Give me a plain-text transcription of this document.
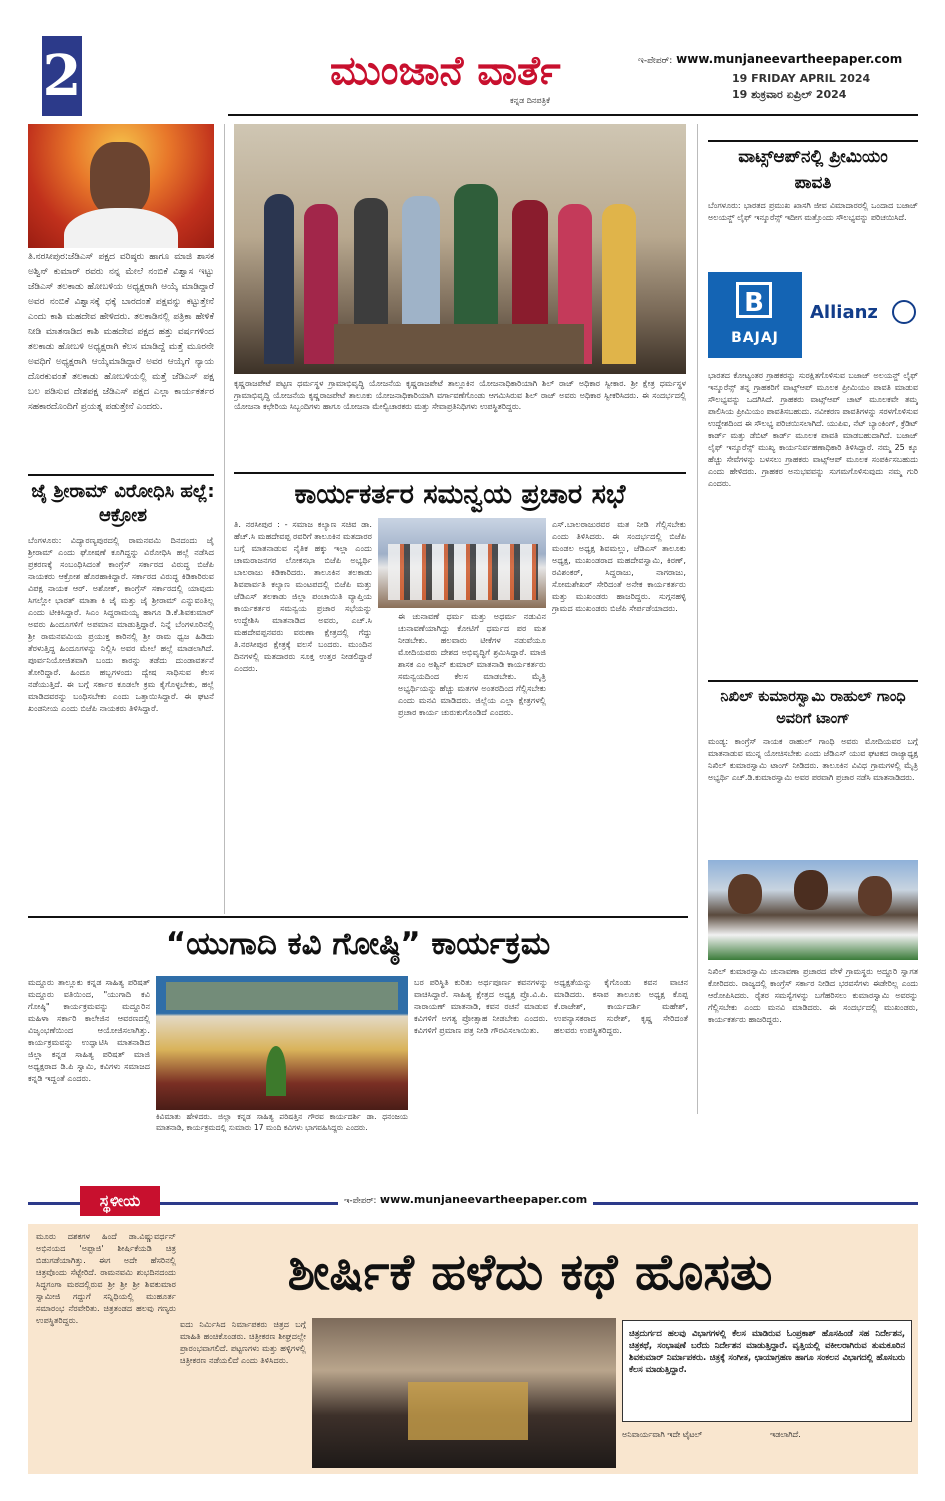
2	ಮುಂಜಾನೆ ವಾರ್ತೆ
ಕನ್ನಡ ದಿನಪತ್ರಿಕೆ
ಇ-ಪೇಪರ್: www.munjaneevartheepaper.com
19 FRIDAY APRIL 2024
19 ಶುಕ್ರವಾರ ಏಪ್ರಿಲ್ 2024
ತಿ.ನರಸೀಪುರ:ಜೆಡಿಎಸ್ ಪಕ್ಷದ ವರಿಷ್ಠರು ಹಾಗೂ ಮಾಜಿ ಶಾಸಕ ಅಶ್ವಿನ್ ಕುಮಾರ್ ರವರು ನನ್ನ ಮೇಲೆ ನಂಬಿಕೆ ವಿಶ್ವಾಸ ಇಟ್ಟು ಜೆಡಿಎಸ್ ತಲಕಾಡು ಹೋಬಳಿಯ ಅಧ್ಯಕ್ಷರಾಗಿ ಆಯ್ಕೆ ಮಾಡಿದ್ದಾರೆ ಅವರ ನಂಬಿಕೆ ವಿಶ್ವಾಸಕ್ಕೆ ಧಕ್ಕೆ ಬಾರದಂತೆ ಪಕ್ಷವನ್ನು ಕಟ್ಟುತ್ತೇನೆ ಎಂದು ಕಾಶಿ ಮಹದೇವ ಹೇಳಿದರು. ತಲಕಾಡಿನಲ್ಲಿ ಪತ್ರಿಕಾ ಹೇಳಿಕೆ ನೀಡಿ ಮಾತನಾಡಿದ ಕಾಶಿ ಮಹದೇವ ಪಕ್ಷದ ಹತ್ತು ವರ್ಷಗಳಿಂದ ತಲಕಾಡು ಹೋಬಳಿ ಅಧ್ಯಕ್ಷರಾಗಿ ಕೆಲಸ ಮಾಡಿದ್ದೆ ಮತ್ತೆ ಮೂರನೇ ಅವಧಿಗೆ ಅಧ್ಯಕ್ಷರಾಗಿ ಆಯ್ಕೆಮಾಡಿದ್ದಾರೆ ಅವರ ಆಯ್ಕೆಗೆ ನ್ಯಾಯ ದೊರಕುವಂತೆ ತಲಕಾಡು ಹೋಬಳಿಯಲ್ಲಿ ಮತ್ತೆ ಜೆಡಿಎಸ್ ಪಕ್ಷ ಬಲ ಪಡಿಸುವ ದೇಶಪಕ್ಷ ಜೆಡಿಎಸ್ ಪಕ್ಷದ ಎಲ್ಲಾ ಕಾರ್ಯಕರ್ತರ ಸಹಕಾರದೊಂದಿಗೆ ಪ್ರಯತ್ನ ಪಡುತ್ತೇನೆ ಎಂದರು.
ಜೈ ಶ್ರೀರಾಮ್ ವಿರೋಧಿಸಿ ಹಲ್ಲೆ: ಆಕ್ರೋಶ
ಬೆಂಗಳೂರು: ವಿದ್ಯಾರಣ್ಯಪುರದಲ್ಲಿ ರಾಮನವಮಿ ದಿನದಂದು ಜೈ ಶ್ರೀರಾಮ್ ಎಂದು ಘೋಷಣೆ ಕೂಗಿದ್ದನ್ನು ವಿರೋಧಿಸಿ ಹಲ್ಲೆ ನಡೆಸಿದ ಪ್ರಕರಣಕ್ಕೆ ಸಂಬಂಧಿಸಿದಂತೆ ಕಾಂಗ್ರೆಸ್ ಸರ್ಕಾರದ ವಿರುದ್ಧ ಬಿಜೆಪಿ ನಾಯಕರು ಆಕ್ರೋಶ ಹೊರಹಾಕಿದ್ದಾರೆ. ಸರ್ಕಾರದ ವಿರುದ್ಧ ಕಿಡಿಕಾರಿರುವ ವಿಪಕ್ಷ ನಾಯಕ ಆರ್. ಅಶೋಕ್, ಕಾಂಗ್ರೆಸ್ ಸರ್ಕಾರದಲ್ಲಿ ಯಾವುದು ಸಿಗಲ್ಲೋ ಭಾರತ್ ಮಾತಾ ಕಿ ಜೈ ಮತ್ತು ಜೈ ಶ್ರೀರಾಮ್ ಎನ್ನುವಂತಿಲ್ಲ ಎಂದು ಟೀಕಿಸಿದ್ದಾರೆ. ಸಿಎಂ ಸಿದ್ದರಾಮಯ್ಯ ಹಾಗೂ ಡಿ.ಕೆ.ಶಿವಕುಮಾರ್ ಅವರು ಹಿಂದೂಗಳಿಗೆ ಅಪಮಾನ ಮಾಡುತ್ತಿದ್ದಾರೆ. ನಿನ್ನೆ ಬೆಂಗಳೂರಿನಲ್ಲಿ ಶ್ರೀ ರಾಮನವಮಿಯ ಪ್ರಯುಕ್ತ ಕಾರಿನಲ್ಲಿ ಶ್ರೀ ರಾಮ ಧ್ವಜ ಹಿಡಿದು ತೆರಳುತ್ತಿದ್ದ ಹಿಂದೂಗಳನ್ನು ನಿಲ್ಲಿಸಿ ಅವರ ಮೇಲೆ ಹಲ್ಲೆ ಮಾಡಲಾಗಿದೆ. ಪೂರ್ವನಿಯೋಜಿತವಾಗಿ ಬಂದು ಕಾರನ್ನು ತಡೆದು ದುಂಡಾವರ್ತನೆ ತೋರಿದ್ದಾರೆ. ಹಿಂದೂ ಹಬ್ಬಗಳಂದು ದ್ವೇಷ ಸಾಧಿಸುವ ಕೆಲಸ ನಡೆಯುತ್ತಿದೆ. ಈ ಬಗ್ಗೆ ಸರ್ಕಾರ ಕೂಡಲೇ ಕ್ರಮ ಕೈಗೊಳ್ಳಬೇಕು, ಹಲ್ಲೆ ಮಾಡಿದವರನ್ನು ಬಂಧಿಸಬೇಕು ಎಂದು ಒತ್ತಾಯಿಸಿದ್ದಾರೆ. ಈ ಘಟನೆ ಖಂಡನೀಯ ಎಂದು ಬಿಜೆಪಿ ನಾಯಕರು ತಿಳಿಸಿದ್ದಾರೆ.
ಕೃಷ್ಣರಾಜಪೇಟೆ ಪಟ್ಟಣ ಧರ್ಮಸ್ಥಳ ಗ್ರಾಮಾಭಿವೃದ್ಧಿ ಯೋಜನೆಯ ಕೃಷ್ಣರಾಜಪೇಟೆ ತಾಲ್ಲೂಕಿನ ಯೋಜನಾಧಿಕಾರಿಯಾಗಿ ಶಿಲ್ ರಾಜ್ ಅಧಿಕಾರ ಸ್ವೀಕಾರ. ಶ್ರೀ ಕ್ಷೇತ್ರ ಧರ್ಮಸ್ಥಳ ಗ್ರಾಮಾಭಿವೃದ್ಧಿ ಯೋಜನೆಯ ಕೃಷ್ಣರಾಜಪೇಟೆ ತಾಲೂಕು ಯೋಜನಾಧಿಕಾರಿಯಾಗಿ ವರ್ಗಾವಣೆಗೊಂಡು ಆಗಮಿಸಿರುವ ಶಿಲ್ ರಾಜ್ ಅವರು ಅಧಿಕಾರ ಸ್ವೀಕರಿಸಿದರು. ಈ ಸಂದರ್ಭದಲ್ಲಿ ಯೋಜನಾ ಕಛೇರಿಯ ಸಿಬ್ಬಂದಿಗಳು ಹಾಗೂ ಯೋಜನಾ ಮೇಲ್ವಿಚಾರಕರು ಮತ್ತು ಸೇವಾಪ್ರತಿನಿಧಿಗಳು ಉಪಸ್ಥಿತರಿದ್ದರು.
ಕಾರ್ಯಕರ್ತರ ಸಮನ್ವಯ ಪ್ರಚಾರ ಸಭೆ
ತಿ. ನರಸೀಪುರ : - ಸಮಾಜ ಕಲ್ಯಾಣ ಸಚಿವ ಡಾ. ಹೆಚ್.ಸಿ ಮಹದೇವಪ್ಪ ರವರಿಗೆ ತಾಲೂಕಿನ ಮತದಾರರ ಬಗ್ಗೆ ಮಾತನಾಡುವ ನೈತಿಕ ಹಕ್ಕು ಇಲ್ಲಾ ಎಂದು ಚಾಮರಾಜನಗರ ಲೋಕಸಭಾ ಬಿಜೆಪಿ ಅಭ್ಯರ್ಥಿ ಬಾಲರಾಜು ಕಿಡಿಕಾರಿದರು. ತಾಲೂಕಿನ ತಲಕಾಡು ಶಿವಪಾರ್ವತಿ ಕಲ್ಯಾಣ ಮಂಟಪದಲ್ಲಿ ಬಿಜೆಪಿ ಮತ್ತು ಜೆಡಿಎಸ್ ತಲಕಾಡು ಜಿಲ್ಲಾ ಪಂಚಾಯಿತಿ ವ್ಯಾಪ್ತಿಯ ಕಾರ್ಯಕರ್ತರ ಸಮನ್ವಯ ಪ್ರಚಾರ ಸಭೆಯನ್ನು ಉದ್ದೇಶಿಸಿ ಮಾತನಾಡಿದ ಅವರು, ಎಚ್.ಸಿ ಮಹದೇವಪ್ಪನವರು ವರುಣಾ ಕ್ಷೇತ್ರದಲ್ಲಿ ಗೆದ್ದು ತಿ.ನರಸೀಪುರ ಕ್ಷೇತ್ರಕ್ಕೆ ವಲಸೆ ಬಂದರು. ಮುಂದಿನ ದಿನಗಳಲ್ಲಿ ಮತದಾರರು ಸೂಕ್ತ ಉತ್ತರ ನೀಡಲಿದ್ದಾರೆ ಎಂದರು.
ಈ ಚುನಾವಣೆ ಧರ್ಮ ಮತ್ತು ಅಧರ್ಮ ನಡುವಿನ ಚುನಾವಣೆಯಾಗಿದ್ದು ಕೋಟಿಗೆ ಧರ್ಮದ ಪರ ಮತ ನೀಡಬೇಕು. ಹಲವಾರು ಟೀಕೆಗಳ ನಡುವೆಯೂ ಮೋದಿಯವರು ದೇಶದ ಅಭಿವೃದ್ಧಿಗೆ ಶ್ರಮಿಸಿದ್ದಾರೆ. ಮಾಜಿ ಶಾಸಕ ಎಂ ಅಶ್ವಿನ್ ಕುಮಾರ್ ಮಾತನಾಡಿ ಕಾರ್ಯಕರ್ತರು ಸಮನ್ವಯದಿಂದ ಕೆಲಸ ಮಾಡಬೇಕು. ಮೈತ್ರಿ ಅಭ್ಯರ್ಥಿಯನ್ನು ಹೆಚ್ಚು ಮತಗಳ ಅಂತರದಿಂದ ಗೆಲ್ಲಿಸಬೇಕು ಎಂದು ಮನವಿ ಮಾಡಿದರು. ಜಿಲ್ಲೆಯ ಎಲ್ಲಾ ಕ್ಷೇತ್ರಗಳಲ್ಲಿ ಪ್ರಚಾರ ಕಾರ್ಯ ಚುರುಕುಗೊಂಡಿದೆ ಎಂದರು.
ಎಸ್.ಬಾಲರಾಜುರವರ ಮತ ನೀಡಿ ಗೆಲ್ಲಿಸಬೇಕು ಎಂದು ತಿಳಿಸಿದರು. ಈ ಸಂದರ್ಭದಲ್ಲಿ ಬಿಜೆಪಿ ಮಂಡಲ ಅಧ್ಯಕ್ಷ ಶಿವಮಲ್ಲು, ಜೆಡಿಎಸ್ ತಾಲೂಕು ಅಧ್ಯಕ್ಷ, ಮುಖಂಡರಾದ ಮಹದೇವಸ್ವಾಮಿ, ಕಿರಣ್, ರವಿಶಂಕರ್, ಸಿದ್ದರಾಜು, ನಾಗರಾಜು, ಸೋಮಶೇಖರ್ ಸೇರಿದಂತೆ ಅನೇಕ ಕಾರ್ಯಕರ್ತರು ಮತ್ತು ಮುಖಂಡರು ಹಾಜರಿದ್ದರು. ಸುಗ್ಗನಹಳ್ಳಿ ಗ್ರಾಮದ ಮುಖಂಡರು ಬಿಜೆಪಿ ಸೇರ್ಪಡೆಯಾದರು.
ವಾಟ್ಸ್ಆಪ್‌ನಲ್ಲಿ ಪ್ರೀಮಿಯಂ ಪಾವತಿ
ಬೆಂಗಳೂರು: ಭಾರತದ ಪ್ರಮುಖ ಖಾಸಗಿ ಜೀವ ವಿಮಾದಾರರಲ್ಲಿ ಒಂದಾದ ಬಜಾಜ್ ಅಲಯನ್ಜ್ ಲೈಫ್ ಇನ್ಶೂರೆನ್ಸ್ ಇದೀಗ ಮತ್ತೊಂದು ಸೌಲಭ್ಯವನ್ನು ಪರಿಚಯಿಸಿದೆ.
B
BAJAJ
Allianz
ಭಾರತದ ಕೋಟ್ಯಂತರ ಗ್ರಾಹಕರನ್ನು ಸುರಕ್ಷಿತಗೊಳಿಸುವ ಬಜಾಜ್ ಅಲಯನ್ಜ್ ಲೈಫ್ ಇನ್ಶೂರೆನ್ಸ್ ತನ್ನ ಗ್ರಾಹಕರಿಗೆ ವಾಟ್ಸ್ಆಪ್ ಮೂಲಕ ಪ್ರೀಮಿಯಂ ಪಾವತಿ ಮಾಡುವ ಸೌಲಭ್ಯವನ್ನು ಒದಗಿಸಿದೆ. ಗ್ರಾಹಕರು ವಾಟ್ಸ್ಆಪ್ ಚಾಟ್ ಮೂಲಕವೇ ತಮ್ಮ ಪಾಲಿಸಿಯ ಪ್ರೀಮಿಯಂ ಪಾವತಿಸಬಹುದು. ನವೀಕರಣ ಪಾವತಿಗಳನ್ನು ಸರಳಗೊಳಿಸುವ ಉದ್ದೇಶದಿಂದ ಈ ಸೌಲಭ್ಯ ಪರಿಚಯಿಸಲಾಗಿದೆ. ಯುಪಿಐ, ನೆಟ್ ಬ್ಯಾಂಕಿಂಗ್, ಕ್ರೆಡಿಟ್ ಕಾರ್ಡ್ ಮತ್ತು ಡೆಬಿಟ್ ಕಾರ್ಡ್ ಮೂಲಕ ಪಾವತಿ ಮಾಡಬಹುದಾಗಿದೆ. ಬಜಾಜ್ ಲೈಫ್ ಇನ್ಶೂರೆನ್ಸ್ ಮುಖ್ಯ ಕಾರ್ಯನಿರ್ವಹಣಾಧಿಕಾರಿ ತಿಳಿಸಿದ್ದಾರೆ. ನಮ್ಮ 25 ಕ್ಕೂ ಹೆಚ್ಚು ಸೇವೆಗಳನ್ನು ಬಳಸಲು ಗ್ರಾಹಕರು ವಾಟ್ಸ್ಆಪ್ ಮೂಲಕ ಸಂಪರ್ಕಿಸಬಹುದು ಎಂದು ಹೇಳಿದರು. ಗ್ರಾಹಕರ ಅನುಭವವನ್ನು ಸುಗಮಗೊಳಿಸುವುದು ನಮ್ಮ ಗುರಿ ಎಂದರು.
ನಿಖಿಲ್ ಕುಮಾರಸ್ವಾಮಿ ರಾಹುಲ್ ಗಾಂಧಿ ಅವರಿಗೆ ಟಾಂಗ್
ಮಂಡ್ಯ: ಕಾಂಗ್ರೆಸ್ ನಾಯಕ ರಾಹುಲ್ ಗಾಂಧಿ ಅವರು ಮೋದಿಯವರ ಬಗ್ಗೆ ಮಾತನಾಡುವ ಮುನ್ನ ಯೋಚಿಸಬೇಕು ಎಂದು ಜೆಡಿಎಸ್ ಯುವ ಘಟಕದ ರಾಜ್ಯಾಧ್ಯಕ್ಷ ನಿಖಿಲ್ ಕುಮಾರಸ್ವಾಮಿ ಟಾಂಗ್ ನೀಡಿದರು. ತಾಲೂಕಿನ ವಿವಿಧ ಗ್ರಾಮಗಳಲ್ಲಿ ಮೈತ್ರಿ ಅಭ್ಯರ್ಥಿ ಎಚ್.ಡಿ.ಕುಮಾರಸ್ವಾಮಿ ಅವರ ಪರವಾಗಿ ಪ್ರಚಾರ ನಡೆಸಿ ಮಾತನಾಡಿದರು.
ನಿಖಿಲ್ ಕುಮಾರಸ್ವಾಮಿ ಚುನಾವಣಾ ಪ್ರಚಾರದ ವೇಳೆ ಗ್ರಾಮಸ್ಥರು ಅದ್ದೂರಿ ಸ್ವಾಗತ ಕೋರಿದರು. ರಾಜ್ಯದಲ್ಲಿ ಕಾಂಗ್ರೆಸ್ ಸರ್ಕಾರ ನೀಡಿದ ಭರವಸೆಗಳು ಈಡೇರಿಲ್ಲ ಎಂದು ಆರೋಪಿಸಿದರು. ರೈತರ ಸಮಸ್ಯೆಗಳನ್ನು ಬಗೆಹರಿಸಲು ಕುಮಾರಸ್ವಾಮಿ ಅವರನ್ನು ಗೆಲ್ಲಿಸಬೇಕು ಎಂದು ಮನವಿ ಮಾಡಿದರು. ಈ ಸಂದರ್ಭದಲ್ಲಿ ಮುಖಂಡರು, ಕಾರ್ಯಕರ್ತರು ಹಾಜರಿದ್ದರು.
“ಯುಗಾದಿ ಕವಿ ಗೋಷ್ಠಿ” ಕಾರ್ಯಕ್ರಮ
ಮದ್ದೂರು ತಾಲ್ಲೂಕು ಕನ್ನಡ ಸಾಹಿತ್ಯ ಪರಿಷತ್ ಮದ್ದೂರು ವತಿಯಿಂದ, "ಯುಗಾದಿ ಕವಿ ಗೋಷ್ಠಿ" ಕಾರ್ಯಕ್ರಮವನ್ನು ಮದ್ದೂರಿನ ಮಹಿಳಾ ಸರ್ಕಾರಿ ಕಾಲೇಜಿನ ಆವರಣದಲ್ಲಿ ವಿಜೃಂಭಣೆಯಿಂದ ಆಯೋಜಿಸಲಾಗಿತ್ತು. ಕಾರ್ಯಕ್ರಮವನ್ನು ಉದ್ಘಾಟಿಸಿ ಮಾತನಾಡಿದ ಜಿಲ್ಲಾ ಕನ್ನಡ ಸಾಹಿತ್ಯ ಪರಿಷತ್ ಮಾಜಿ ಅಧ್ಯಕ್ಷರಾದ ಡಿ.ಪಿ ಸ್ವಾಮಿ, ಕವಿಗಳು ಸಮಾಜದ ಕನ್ನಡಿ ಇದ್ದಂತೆ ಎಂದರು.
ಕಿವಿಮಾತು ಹೇಳಿದರು. ಜಿಲ್ಲಾ ಕನ್ನಡ ಸಾಹಿತ್ಯ ಪರಿಷತ್ತಿನ ಗೌರವ ಕಾರ್ಯದರ್ಶಿ ಡಾ. ಧನಂಜಯ ಮಾತನಾಡಿ, ಕಾರ್ಯಕ್ರಮದಲ್ಲಿ ಸುಮಾರು 17 ಮಂದಿ ಕವಿಗಳು ಭಾಗವಹಿಸಿದ್ದರು ಎಂದರು.
ಬರ ಪರಿಸ್ಥಿತಿ ಕುರಿತು ಅರ್ಥಪೂರ್ಣ ಕವನಗಳನ್ನು ವಾಚಿಸಿದ್ದಾರೆ. ಸಾಹಿತ್ಯ ಕ್ಷೇತ್ರದ ಅಧ್ಯಕ್ಷ ಪ್ರೊ.ವಿ.ಪಿ. ನಾರಾಯಣ್ ಮಾತನಾಡಿ, ಕವನ ರಚನೆ ಮಾಡುವ ಕವಿಗಳಿಗೆ ಅಗತ್ಯ ಪ್ರೋತ್ಸಾಹ ನೀಡಬೇಕು ಎಂದರು. ಕವಿಗಳಿಗೆ ಪ್ರಮಾಣ ಪತ್ರ ನೀಡಿ ಗೌರವಿಸಲಾಯಿತು.
ಅಧ್ಯಕ್ಷತೆಯನ್ನು ಕೈಗೊಂಡು ಕವನ ವಾಚನ ಮಾಡಿದರು. ಕಸಾಪ ತಾಲೂಕು ಅಧ್ಯಕ್ಷ ಕೊಪ್ಪ ಕೆ.ರಾಜೇಶ್, ಕಾರ್ಯದರ್ಶಿ ಮಹೇಶ್, ಉಪನ್ಯಾಸಕರಾದ ಸುರೇಶ್, ಕೃಷ್ಣ ಸೇರಿದಂತೆ ಹಲವರು ಉಪಸ್ಥಿತರಿದ್ದರು.
ಸ್ಥಳೀಯ	ಇ-ಪೇಪರ್: www.munjaneevartheepaper.com
ಶೀರ್ಷಿಕೆ ಹಳೆದು ಕಥೆ ಹೊಸತು
ಮೂರು ದಶಕಗಳ ಹಿಂದೆ ಡಾ.ವಿಷ್ಣುವರ್ಧನ್ ಅಭಿನಯದ 'ಅಪ್ಪಾಜಿ' ಶೀರ್ಷಿಕೆಯಡಿ ಚಿತ್ರ ಬಿಡುಗಡೆಯಾಗಿತ್ತು. ಈಗ ಅದೇ ಹೆಸರಿನಲ್ಲಿ ಚಿತ್ರವೊಂದು ಸೆಟ್ಟೇರಿದೆ. ರಾಮನವಮಿ ಶುಭದಿನದಂದು ಸಿದ್ಧಗಂಗಾ ಮಠದಲ್ಲಿರುವ ಶ್ರೀ ಶ್ರೀ ಶ್ರೀ ಶಿವಕುಮಾರ ಸ್ವಾಮೀಜಿ ಗದ್ದುಗೆ ಸನ್ನಿಧಿಯಲ್ಲಿ ಮುಹೂರ್ತ ಸಮಾರಂಭ ನೆರವೇರಿತು. ಚಿತ್ರತಂಡದ ಹಲವು ಗಣ್ಯರು ಉಪಸ್ಥಿತರಿದ್ದರು.	ಐದು ನಿರ್ಮಿಸಿದ ನಿರ್ಮಾಪಕರು ಚಿತ್ರದ ಬಗ್ಗೆ ಮಾಹಿತಿ ಹಂಚಿಕೊಂಡರು. ಚಿತ್ರೀಕರಣ ಶೀಘ್ರದಲ್ಲೇ ಪ್ರಾರಂಭವಾಗಲಿದೆ. ಪಟ್ಟಣಗಳು ಮತ್ತು ಹಳ್ಳಿಗಳಲ್ಲಿ ಚಿತ್ರೀಕರಣ ನಡೆಯಲಿದೆ ಎಂದು ತಿಳಿಸಿದರು.
ಚಿತ್ರದುರ್ಗದ ಹಲವು ವಿಭಾಗಗಳಲ್ಲಿ ಕೆಲಸ ಮಾಡಿರುವ ಓಂಪ್ರಕಾಶ್ ಹೊಸಹಿಂಡೆ ಸಹ ನಿರ್ದೇಶನ, ಚಿತ್ರಕಥೆ, ಸಂಭಾಷಣೆ ಬರೆದು ನಿರ್ದೇಶನ ಮಾಡುತ್ತಿದ್ದಾರೆ. ವೃತ್ತಿಯಲ್ಲಿ ವಕೀಲರಾಗಿರುವ ತುಮಕೂರಿನ ಶಿವಕುಮಾರ್ ನಿರ್ಮಾಪಕರು. ಚಿತ್ರಕ್ಕೆ ಸಂಗೀತ, ಛಾಯಾಗ್ರಹಣ ಹಾಗೂ ಸಂಕಲನ ವಿಭಾಗದಲ್ಲಿ ಹೊಸಬರು ಕೆಲಸ ಮಾಡುತ್ತಿದ್ದಾರೆ.
ಅನಿವಾರ್ಯವಾಗಿ ಇದೇ ಟೈಟಲ್	ಇಡಲಾಗಿದೆ.
